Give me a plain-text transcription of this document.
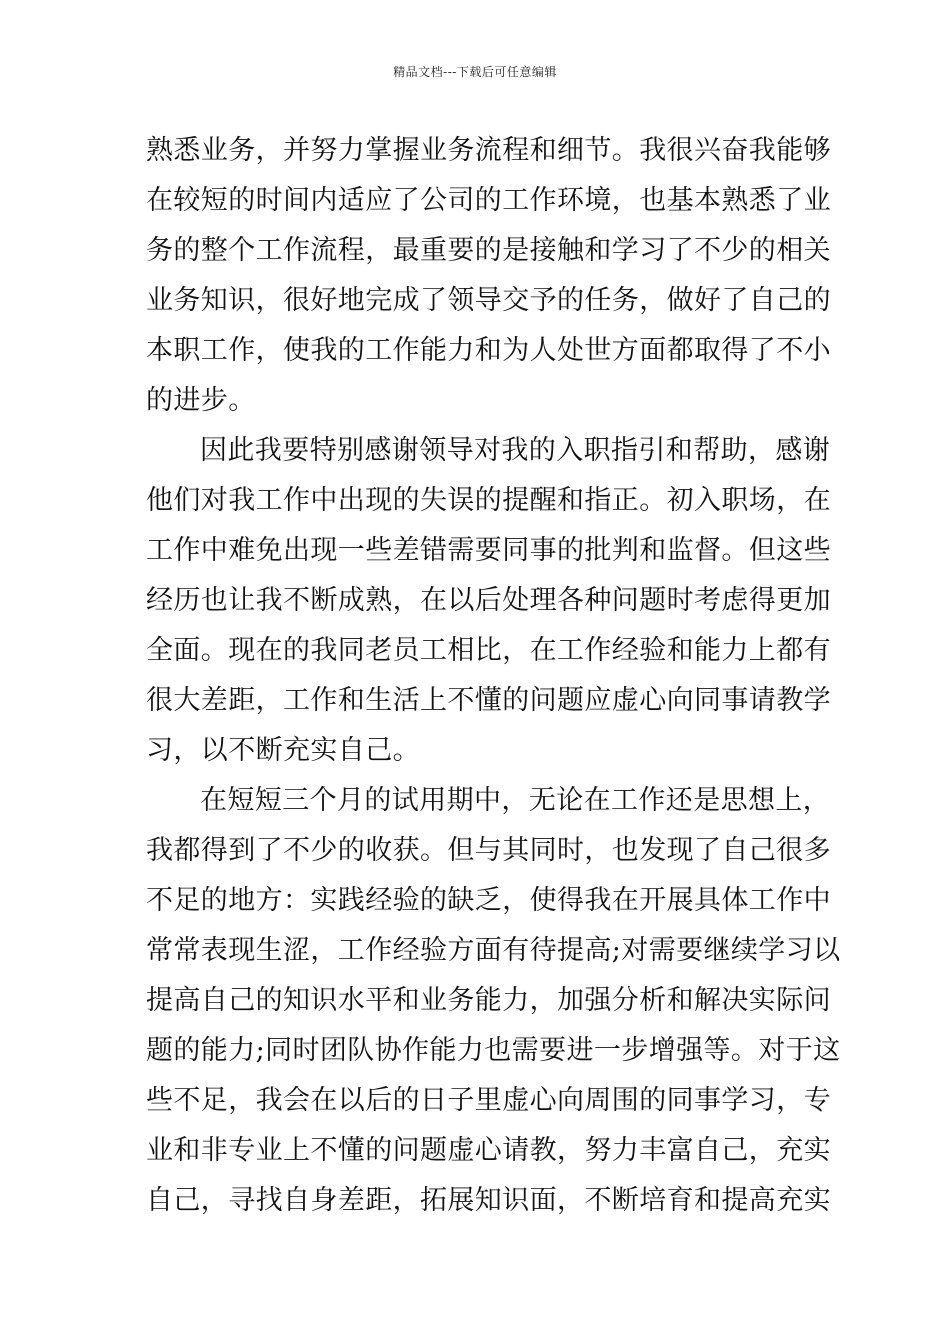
精品文档---下载后可任意编辑
熟悉业务，并努力掌握业务流程和细节。我很兴奋我能够
在较短的时间内适应了公司的工作环境，也基本熟悉了业
务的整个工作流程，最重要的是接触和学习了不少的相关
业务知识，很好地完成了领导交予的任务，做好了自己的
本职工作，使我的工作能力和为人处世方面都取得了不小
的进步。
因此我要特别感谢领导对我的入职指引和帮助，感谢
他们对我工作中出现的失误的提醒和指正。初入职场，在
工作中难免出现一些差错需要同事的批判和监督。但这些
经历也让我不断成熟，在以后处理各种问题时考虑得更加
全面。现在的我同老员工相比，在工作经验和能力上都有
很大差距，工作和生活上不懂的问题应虚心向同事请教学
习，以不断充实自己。
在短短三个月的试用期中，无论在工作还是思想上，
我都得到了不少的收获。但与其同时，也发现了自己很多
不足的地方：实践经验的缺乏，使得我在开展具体工作中
常常表现生涩，工作经验方面有待提高;对需要继续学习以
提高自己的知识水平和业务能力，加强分析和解决实际问
题的能力;同时团队协作能力也需要进一步增强等。对于这
些不足，我会在以后的日子里虚心向周围的同事学习，专
业和非专业上不懂的问题虚心请教，努力丰富自己，充实
自己，寻找自身差距，拓展知识面，不断培育和提高充实
